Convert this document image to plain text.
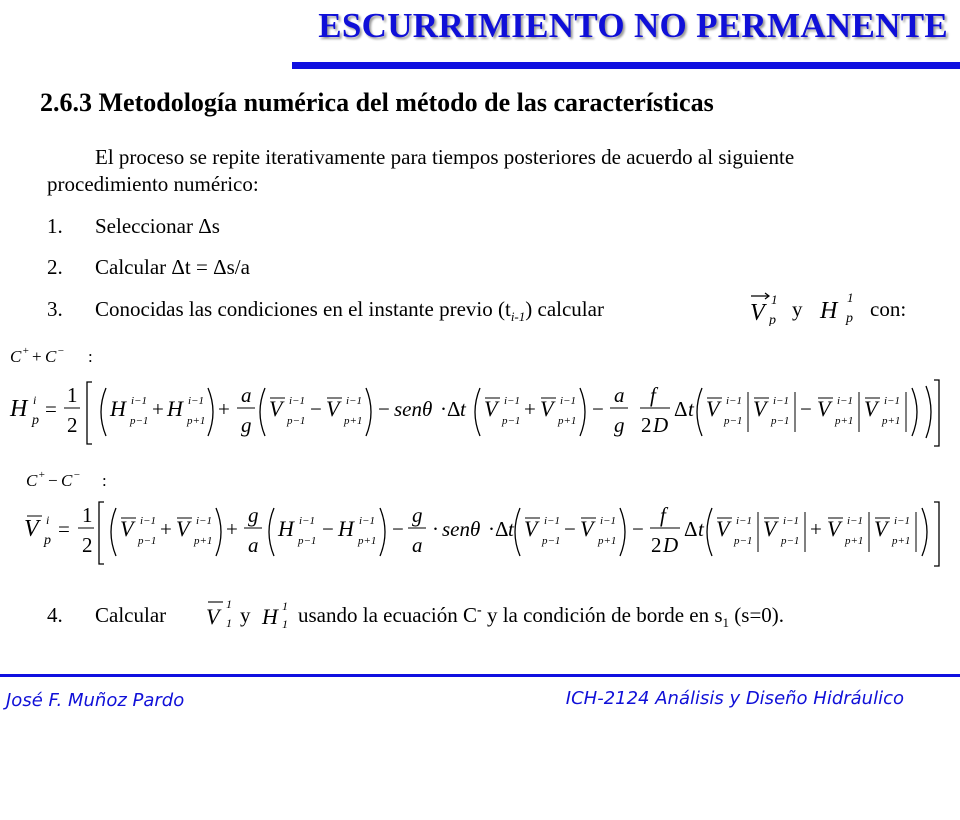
ESCURRIMIENTO NO PERMANENTE
2.6.3 Metodología numérica del método de las características
El proceso se repite iterativamente para tiempos posteriores de acuerdo al siguiente procedimiento numérico:
1. Seleccionar Δs
2. Calcular Δt = Δs/a
3. Conocidas las condiciones en el instante previo $(t_{i-1})$ calcular	V
1
p y H
1
p con:
C + + C − :
H i
p =
1
2
H i−1
p−1 + H i−1
p+1 +
a
g
V i−1
p−1 − V i−1
p+1 − senθ ·Δ t V i−1
p−1 + V i−1
p+1 −
a
g
f
2 D
Δ t V i−1
p−1 V i−1
p−1 − V i−1
p+1 V i−1
p+1
C + − C − :
V i
p =
1
2
V i−1
p−1 + V i−1
p+1 +
g
a
H i−1
p−1 − H i−1
p+1 −
g
a
· senθ ·Δ t V i−1
p−1 − V i−1
p+1 −
f
2 D
Δ t V i−1
p−1 V i−1
p−1 + V i−1
p+1 V i−1
p+1
4. Calcular V 1
1 y H 1
1 usando la ecuación C- y la condición de borde en $s_1$ (s=0).
José F. Muñoz Pardo	ICH-2124 Análisis y Diseño Hidráulico
